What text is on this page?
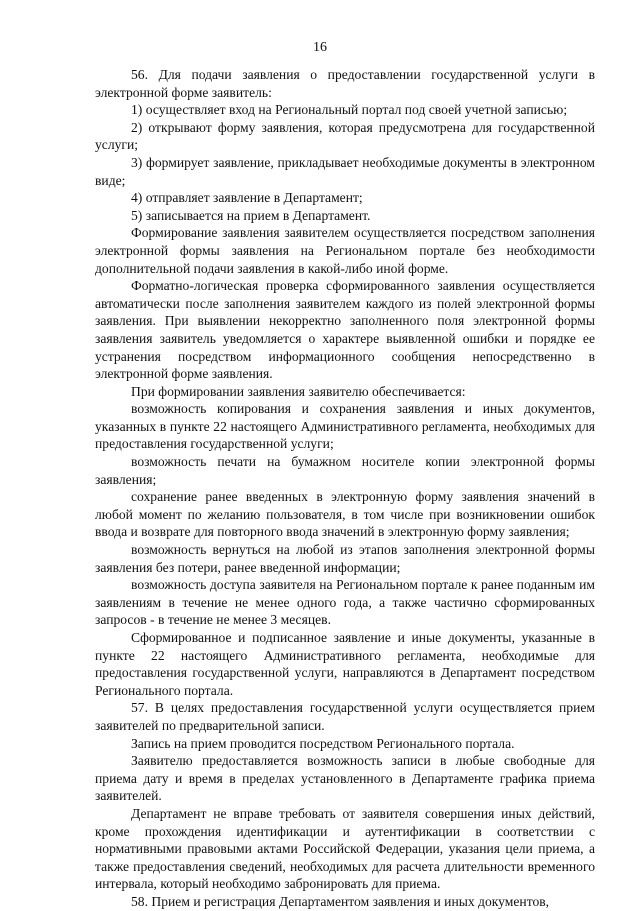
16

56. Для подачи заявления о предоставлении государственной услуги в электронной форме заявитель:

1) осуществляет вход на Региональный портал под своей учетной записью;

2) открывают форму заявления, которая предусмотрена для государственной услуги;

3) формирует заявление, прикладывает необходимые документы в электронном виде;

4) отправляет заявление в Департамент;

5) записывается на прием в Департамент.

Формирование заявления заявителем осуществляется посредством заполнения электронной формы заявления на Региональном портале без необходимости дополнительной подачи заявления в какой-либо иной форме.

Форматно-логическая проверка сформированного заявления осуществляется автоматически после заполнения заявителем каждого из полей электронной формы заявления. При выявлении некорректно заполненного поля электронной формы заявления заявитель уведомляется о характере выявленной ошибки и порядке ее устранения посредством информационного сообщения непосредственно в электронной форме заявления.

При формировании заявления заявителю обеспечивается:

возможность копирования и сохранения заявления и иных документов, указанных в пункте 22 настоящего Административного регламента, необходимых для предоставления государственной услуги;

возможность печати на бумажном носителе копии электронной формы заявления;

сохранение ранее введенных в электронную форму заявления значений в любой момент по желанию пользователя, в том числе при возникновении ошибок ввода и возврате для повторного ввода значений в электронную форму заявления;

возможность вернуться на любой из этапов заполнения электронной формы заявления без потери, ранее введенной информации;

возможность доступа заявителя на Региональном портале к ранее поданным им заявлениям в течение не менее одного года, а также частично сформированных запросов - в течение не менее 3 месяцев.

Сформированное и подписанное заявление и иные документы, указанные в пункте 22 настоящего Административного регламента, необходимые для предоставления государственной услуги, направляются в Департамент посредством Регионального портала.

57. В целях предоставления государственной услуги осуществляется прием заявителей по предварительной записи.

Запись на прием проводится посредством Регионального портала.

Заявителю предоставляется возможность записи в любые свободные для приема дату и время в пределах установленного в Департаменте графика приема заявителей.

Департамент не вправе требовать от заявителя совершения иных действий, кроме прохождения идентификации и аутентификации в соответствии с нормативными правовыми актами Российской Федерации, указания цели приема, а также предоставления сведений, необходимых для расчета длительности временного интервала, который необходимо забронировать для приема.

58. Прием и регистрация Департаментом заявления и иных документов,
